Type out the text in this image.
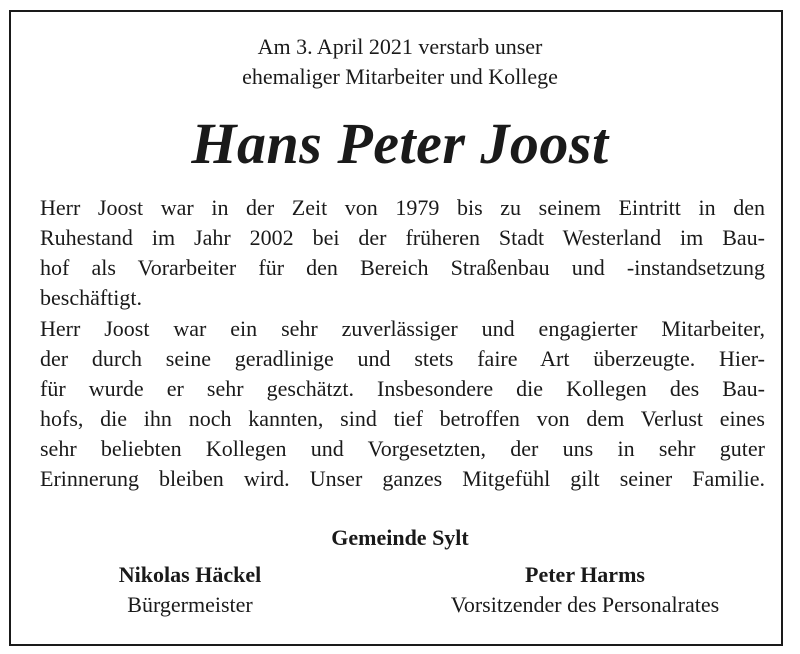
Am 3. April 2021 verstarb unser
ehemaliger Mitarbeiter und Kollege
Hans Peter Joost
Herr Joost war in der Zeit von 1979 bis zu seinem Eintritt in den
Ruhestand im Jahr 2002 bei der früheren Stadt Westerland im Bau-
hof als Vorarbeiter für den Bereich Straßenbau und -instandsetzung
beschäftigt.
Herr Joost war ein sehr zuverlässiger und engagierter Mitarbeiter,
der durch seine geradlinige und stets faire Art überzeugte. Hier-
für wurde er sehr geschätzt. Insbesondere die Kollegen des Bau-
hofs, die ihn noch kannten, sind tief betroffen von dem Verlust eines
sehr beliebten Kollegen und Vorgesetzten, der uns in sehr guter
Erinnerung bleiben wird. Unser ganzes Mitgefühl gilt seiner Familie.
Gemeinde Sylt
Nikolas Häckel
Bürgermeister
Peter Harms
Vorsitzender des Personalrates
